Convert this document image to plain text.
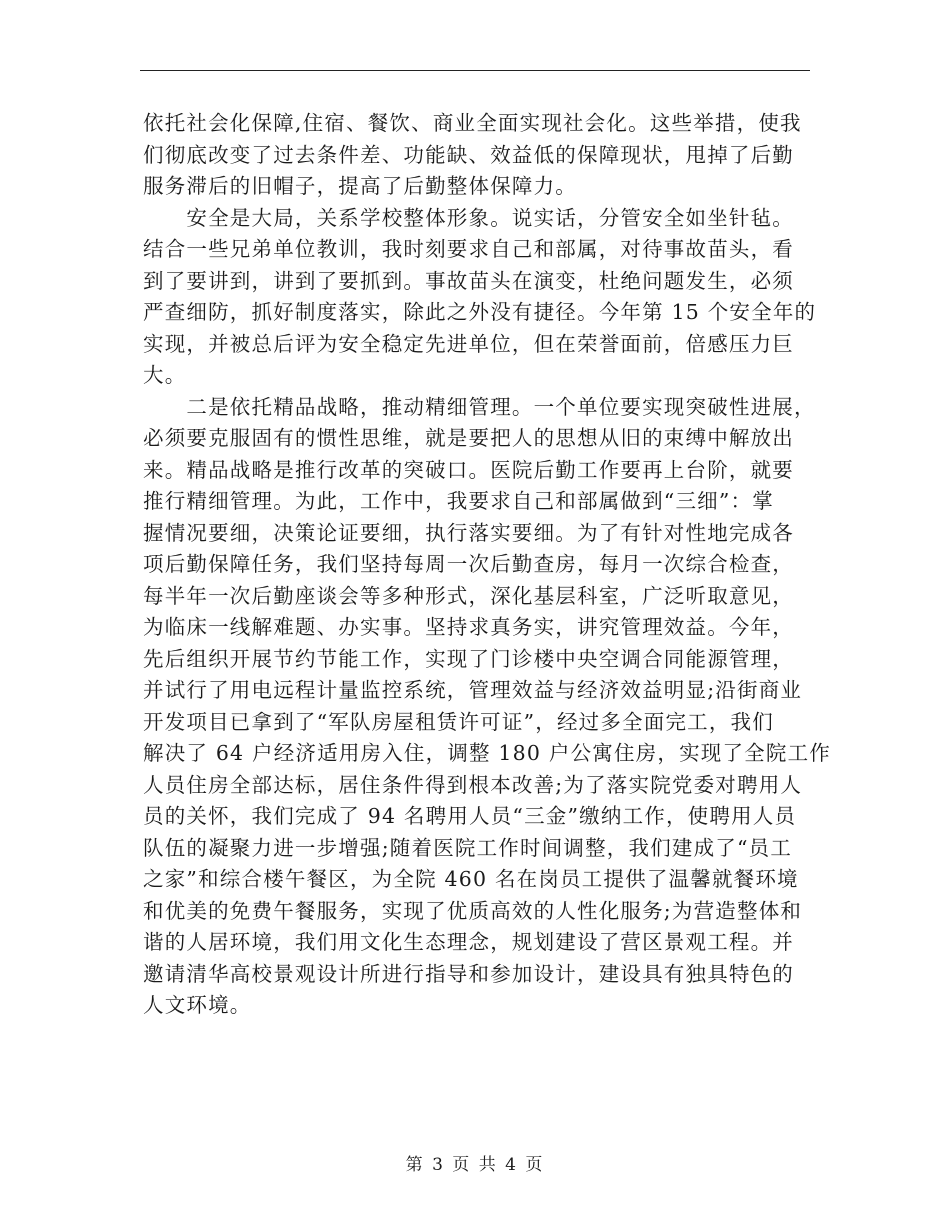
依托社会化保障,住宿、餐饮、商业全面实现社会化。这些举措，使我
们彻底改变了过去条件差、功能缺、效益低的保障现状，甩掉了后勤
服务滞后的旧帽子，提高了后勤整体保障力。
　　安全是大局，关系学校整体形象。说实话，分管安全如坐针毡。
结合一些兄弟单位教训，我时刻要求自己和部属，对待事故苗头，看
到了要讲到，讲到了要抓到。事故苗头在演变，杜绝问题发生，必须
严查细防，抓好制度落实，除此之外没有捷径。今年第 15 个安全年的
实现，并被总后评为安全稳定先进单位，但在荣誉面前，倍感压力巨
大。
　　二是依托精品战略，推动精细管理。一个单位要实现突破性进展，
必须要克服固有的惯性思维，就是要把人的思想从旧的束缚中解放出
来。精品战略是推行改革的突破口。医院后勤工作要再上台阶，就要
推行精细管理。为此，工作中，我要求自己和部属做到“三细”：掌
握情况要细，决策论证要细，执行落实要细。为了有针对性地完成各
项后勤保障任务，我们坚持每周一次后勤查房，每月一次综合检查，
每半年一次后勤座谈会等多种形式，深化基层科室，广泛听取意见，
为临床一线解难题、办实事。坚持求真务实，讲究管理效益。今年，
先后组织开展节约节能工作，实现了门诊楼中央空调合同能源管理，
并试行了用电远程计量监控系统，管理效益与经济效益明显;沿街商业
开发项目已拿到了“军队房屋租赁许可证”，经过多全面完工，我们
解决了 64 户经济适用房入住，调整 180 户公寓住房，实现了全院工作
人员住房全部达标，居住条件得到根本改善;为了落实院党委对聘用人
员的关怀，我们完成了 94 名聘用人员“三金”缴纳工作，使聘用人员
队伍的凝聚力进一步增强;随着医院工作时间调整，我们建成了“员工
之家”和综合楼午餐区，为全院 460 名在岗员工提供了温馨就餐环境
和优美的免费午餐服务，实现了优质高效的人性化服务;为营造整体和
谐的人居环境，我们用文化生态理念，规划建设了营区景观工程。并
邀请清华高校景观设计所进行指导和参加设计，建设具有独具特色的
人文环境。
第 3 页 共 4 页
